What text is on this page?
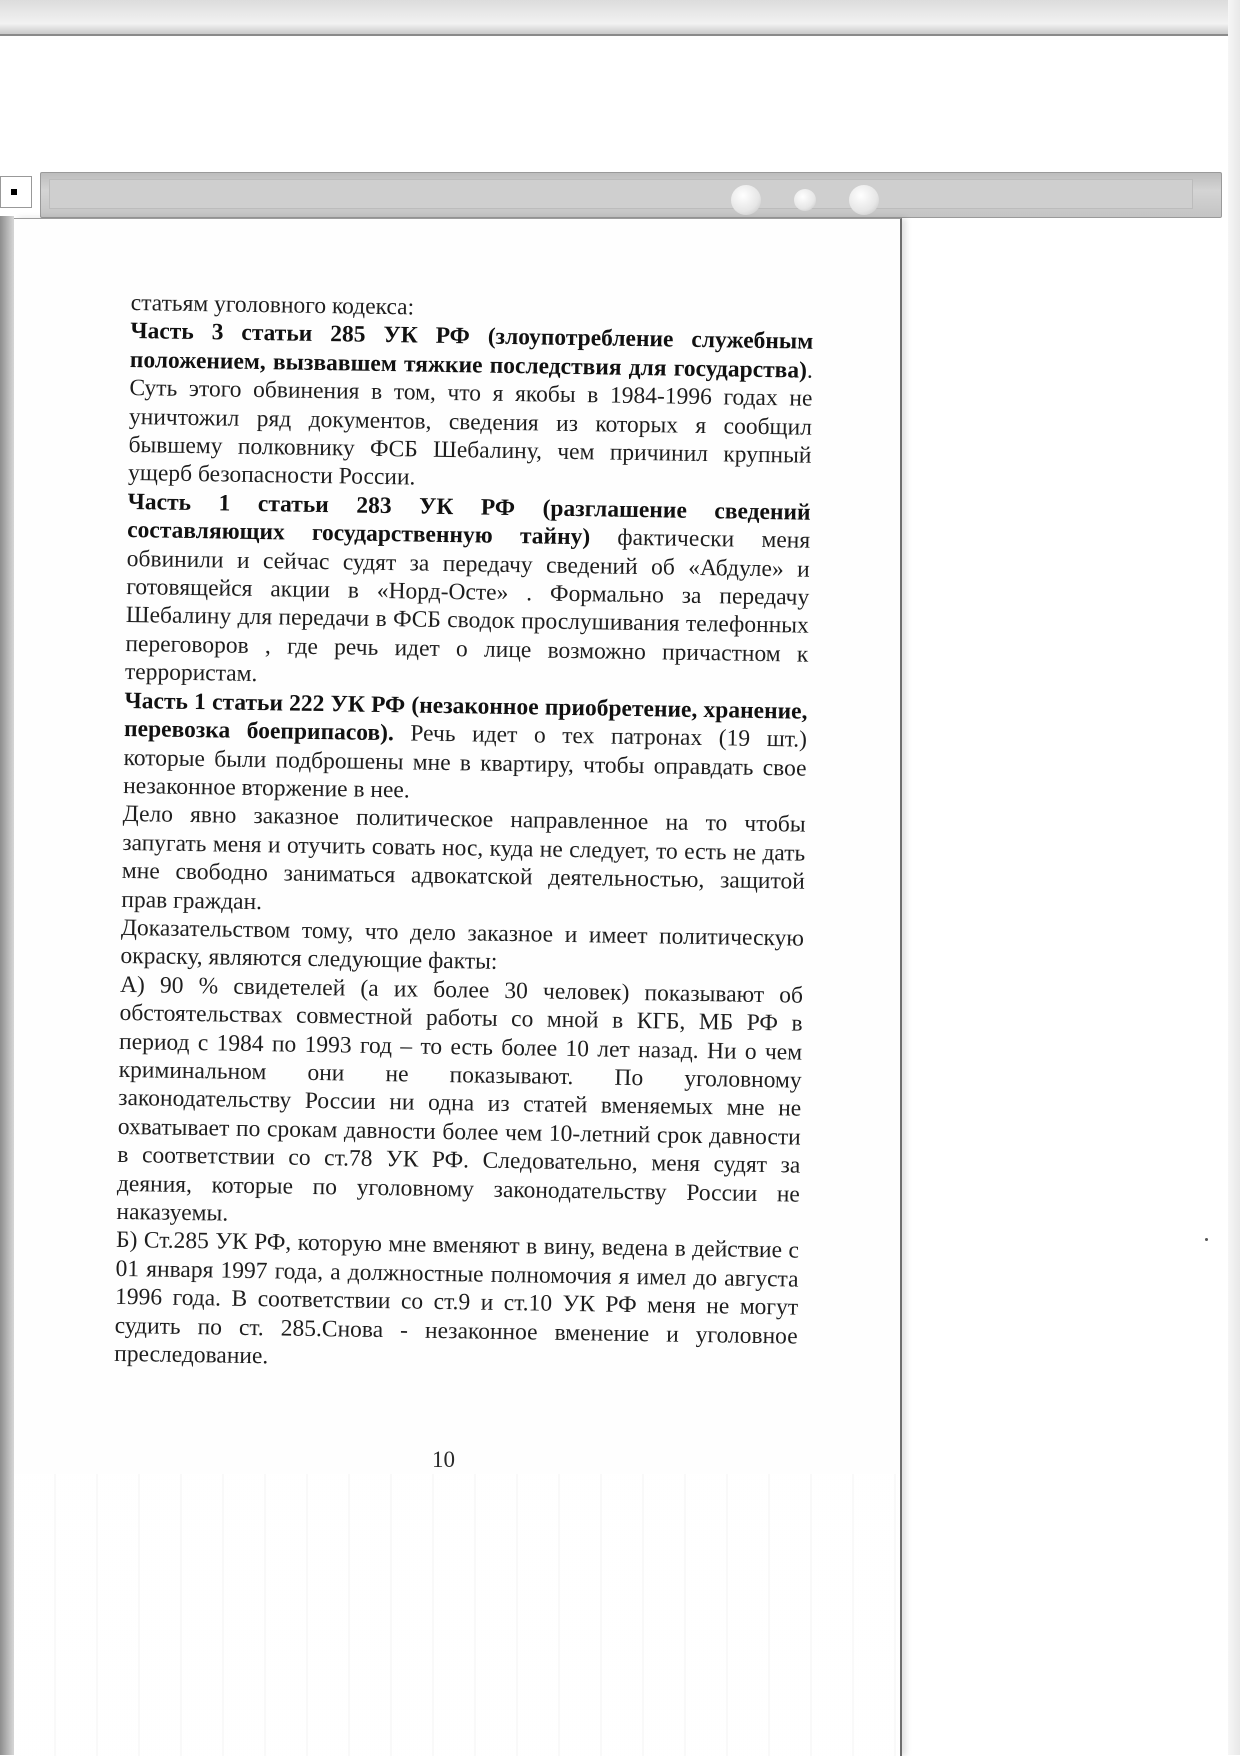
статьям уголовного кодекса:

Часть 3 статьи 285 УК РФ (злоупотребление служебным положением, вызвавшем тяжкие последствия для государства). Суть этого обвинения в том, что я якобы в 1984-1996 годах не уничтожил ряд документов, сведения из которых я сообщил бывшему полковнику ФСБ Шебалину, чем причинил крупный ущерб безопасности России.

Часть 1 статьи 283 УК РФ (разглашение сведений составляющих государственную тайну) фактически меня обвинили и сейчас судят за передачу сведений об «Абдуле» и готовящейся акции в «Норд-Осте» . Формально за передачу Шебалину для передачи в ФСБ сводок прослушивания телефонных переговоров , где речь идет о лице возможно причастном к террористам.

Часть 1 статьи 222 УК РФ (незаконное приобретение, хранение, перевозка боеприпасов). Речь идет о тех патронах (19 шт.) которые были подброшены мне в квартиру, чтобы оправдать свое незаконное вторжение в нее.

Дело явно заказное политическое направленное на то чтобы запугать меня и отучить совать нос, куда не следует, то есть не дать мне свободно заниматься адвокатской деятельностью, защитой прав граждан.

Доказательством тому, что дело заказное и имеет политическую окраску, являются следующие факты:

А) 90 % свидетелей (а их более 30 человек) показывают об обстоятельствах совместной работы со мной в КГБ, МБ РФ в период с 1984 по 1993 год – то есть более 10 лет назад. Ни о чем криминальном они не показывают. По уголовному законодательству России ни одна из статей вменяемых мне не охватывает по срокам давности более чем 10-летний срок давности в соответствии со ст.78 УК РФ. Следовательно, меня судят за деяния, которые по уголовному законодательству России не наказуемы.

Б) Ст.285 УК РФ, которую мне вменяют в вину, ведена в действие с 01 января 1997 года, а должностные полномочия я имел до августа 1996 года. В соответствии со ст.9 и ст.10 УК РФ меня не могут судить по ст. 285.Снова - незаконное вменение и уголовное преследование.

10
